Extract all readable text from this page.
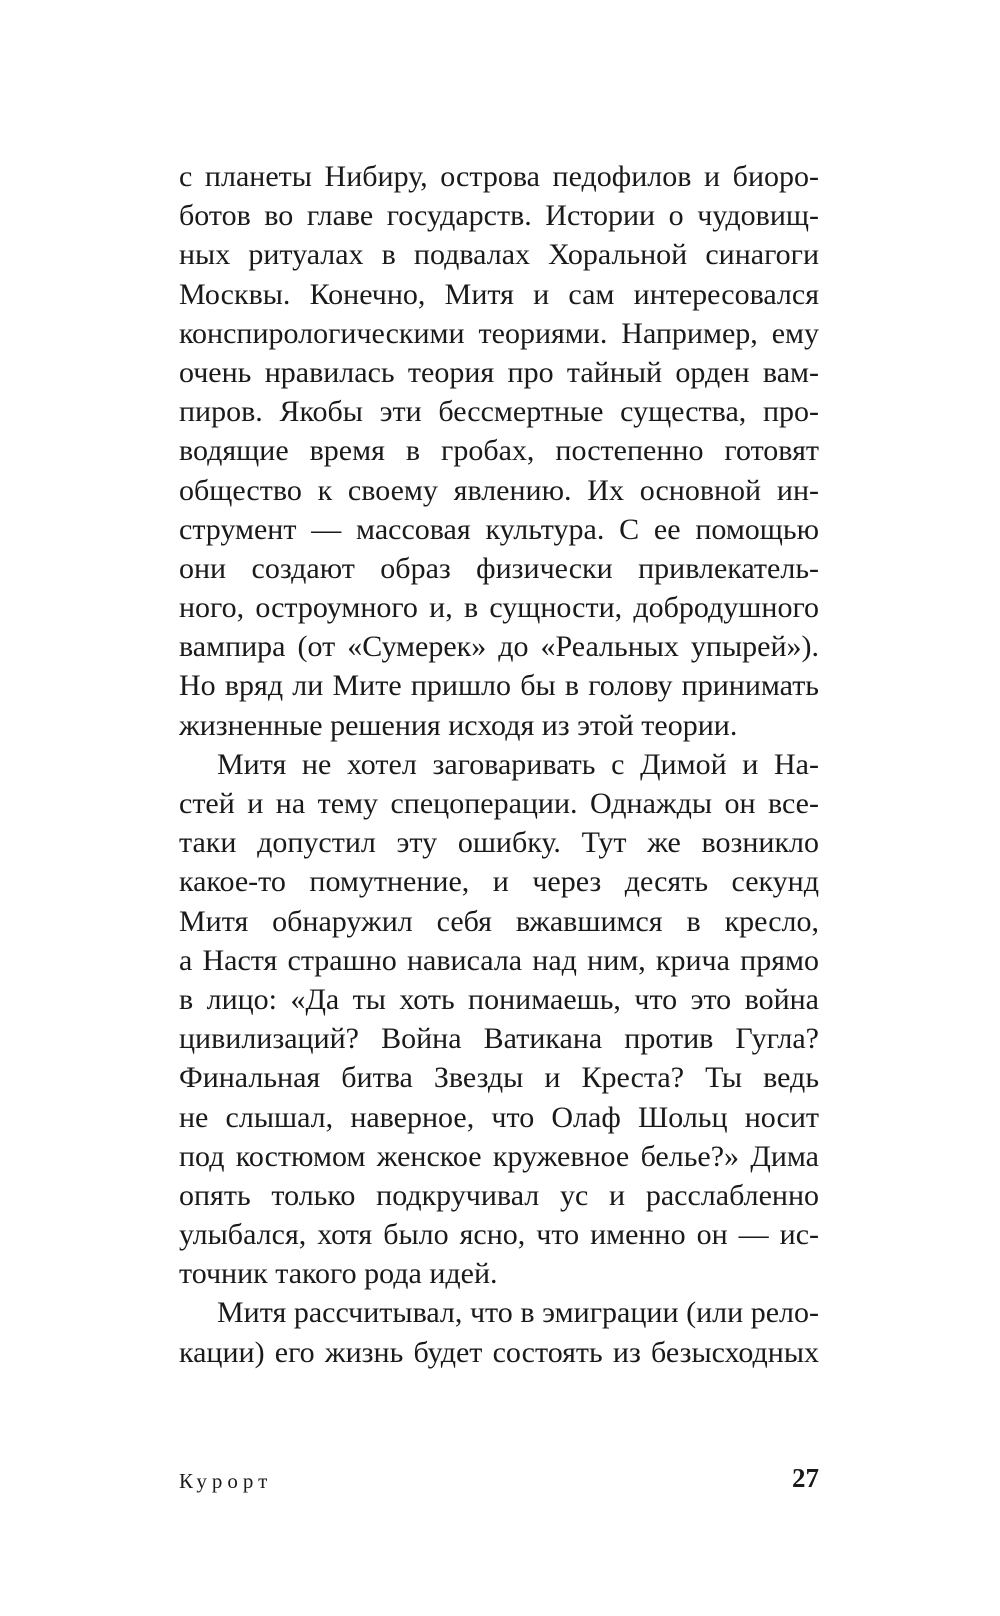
с планеты Нибиру, острова педофилов и биоро-
ботов во главе государств. Истории о чудовищ-
ных ритуалах в подвалах Хоральной синагоги
Москвы. Конечно, Митя и сам интересовался
конспирологическими теориями. Например, ему
очень нравилась теория про тайный орден вам-
пиров. Якобы эти бессмертные существа, про-
водящие время в гробах, постепенно готовят
общество к своему явлению. Их основной ин-
струмент — массовая культура. С ее помощью
они создают образ физически привлекатель-
ного, остроумного и, в сущности, добродушного
вампира (от «Сумерек» до «Реальных упырей»).
Но вряд ли Мите пришло бы в голову принимать
жизненные решения исходя из этой теории.
Митя не хотел заговаривать с Димой и На-
стей и на тему спецоперации. Однажды он все-
таки допустил эту ошибку. Тут же возникло
какое-то помутнение, и через десять секунд
Митя обнаружил себя вжавшимся в кресло,
а Настя страшно нависала над ним, крича прямо
в лицо: «Да ты хоть понимаешь, что это война
цивилизаций? Война Ватикана против Гугла?
Финальная битва Звезды и Креста? Ты ведь
не слышал, наверное, что Олаф Шольц носит
под костюмом женское кружевное белье?» Дима
опять только подкручивал ус и расслабленно
улыбался, хотя было ясно, что именно он — ис-
точник такого рода идей.
Митя рассчитывал, что в эмиграции (или рело-
кации) его жизнь будет состоять из безысходных
Курорт	27
